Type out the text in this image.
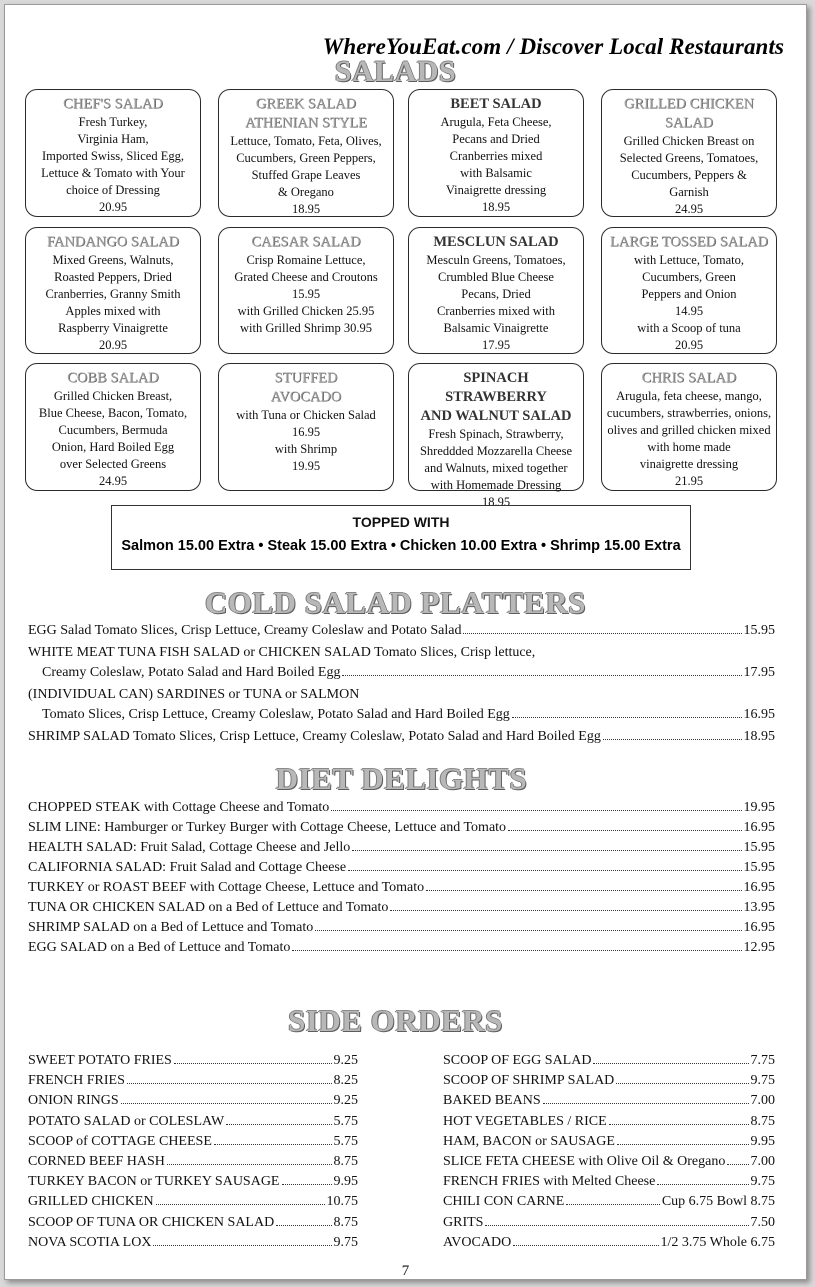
WhereYouEat.com / Discover Local Restaurants
SALADS
CHEF'S SALAD
Fresh Turkey,
Virginia Ham,
Imported Swiss, Sliced Egg,
Lettuce & Tomato with Your
choice of Dressing
20.95
GREEK SALAD
ATHENIAN STYLE
Lettuce, Tomato, Feta, Olives,
Cucumbers, Green Peppers,
Stuffed Grape Leaves
& Oregano
18.95
BEET SALAD
Arugula, Feta Cheese,
Pecans and Dried
Cranberries mixed
with Balsamic
Vinaigrette dressing
18.95
GRILLED CHICKEN
SALAD
Grilled Chicken Breast on
Selected Greens, Tomatoes,
Cucumbers, Peppers &
Garnish
24.95
FANDANGO SALAD
Mixed Greens, Walnuts,
Roasted Peppers, Dried
Cranberries, Granny Smith
Apples mixed with
Raspberry Vinaigrette
20.95
CAESAR SALAD
Crisp Romaine Lettuce,
Grated Cheese and Croutons
15.95
with Grilled Chicken 25.95
with Grilled Shrimp 30.95
MESCLUN SALAD
Mesculn Greens, Tomatoes,
Crumbled Blue Cheese
Pecans, Dried
Cranberries mixed with
Balsamic Vinaigrette
17.95
LARGE TOSSED SALAD
with Lettuce, Tomato,
Cucumbers, Green
Peppers and Onion
14.95
with a Scoop of tuna
20.95
COBB SALAD
Grilled Chicken Breast,
Blue Cheese, Bacon, Tomato,
Cucumbers, Bermuda
Onion, Hard Boiled Egg
over Selected Greens
24.95
STUFFED
AVOCADO
with Tuna or Chicken Salad
16.95
with Shrimp
19.95
SPINACH STRAWBERRY
AND WALNUT SALAD
Fresh Spinach, Strawberry,
Shreddded Mozzarella Cheese
and Walnuts, mixed together
with Homemade Dressing
18.95
CHRIS SALAD
Arugula, feta cheese, mango,
cucumbers, strawberries, onions,
olives and grilled chicken mixed
with home made
vinaigrette dressing
21.95
TOPPED WITH
Salmon 15.00 Extra • Steak 15.00 Extra • Chicken 10.00 Extra • Shrimp 15.00 Extra
COLD SALAD PLATTERS
EGG Salad Tomato Slices, Crisp Lettuce, Creamy Coleslaw and Potato Salad	15.95
WHITE MEAT TUNA FISH SALAD or CHICKEN SALAD Tomato Slices, Crisp lettuce,
Creamy Coleslaw, Potato Salad and Hard Boiled Egg	17.95
(INDIVIDUAL CAN) SARDINES or TUNA or SALMON
Tomato Slices, Crisp Lettuce, Creamy Coleslaw, Potato Salad and Hard Boiled Egg	16.95
SHRIMP SALAD Tomato Slices, Crisp Lettuce, Creamy Coleslaw, Potato Salad and Hard Boiled Egg	18.95
DIET DELIGHTS
CHOPPED STEAK with Cottage Cheese and Tomato	19.95
SLIM LINE: Hamburger or Turkey Burger with Cottage Cheese, Lettuce and Tomato	16.95
HEALTH SALAD: Fruit Salad, Cottage Cheese and Jello	15.95
CALIFORNIA SALAD: Fruit Salad and Cottage Cheese	15.95
TURKEY or ROAST BEEF with Cottage Cheese, Lettuce and Tomato	16.95
TUNA OR CHICKEN SALAD on a Bed of Lettuce and Tomato	13.95
SHRIMP SALAD on a Bed of Lettuce and Tomato	16.95
EGG SALAD on a Bed of Lettuce and Tomato	12.95
SIDE ORDERS
SWEET POTATO FRIES	9.25
FRENCH FRIES	8.25
ONION RINGS	9.25
POTATO SALAD or COLESLAW	5.75
SCOOP of COTTAGE CHEESE	5.75
CORNED BEEF HASH	8.75
TURKEY BACON or TURKEY SAUSAGE	9.95
GRILLED CHICKEN	10.75
SCOOP OF TUNA OR CHICKEN SALAD	8.75
NOVA SCOTIA LOX	9.75
SCOOP OF EGG SALAD	7.75
SCOOP OF SHRIMP SALAD	9.75
BAKED BEANS	7.00
HOT VEGETABLES / RICE	8.75
HAM, BACON or SAUSAGE	9.95
SLICE FETA CHEESE with Olive Oil & Oregano 7.00
FRENCH FRIES with Melted Cheese	9.75
CHILI CON CARNE	Cup 6.75 Bowl 8.75
GRITS	7.50
AVOCADO	1/2 3.75 Whole 6.75
7
